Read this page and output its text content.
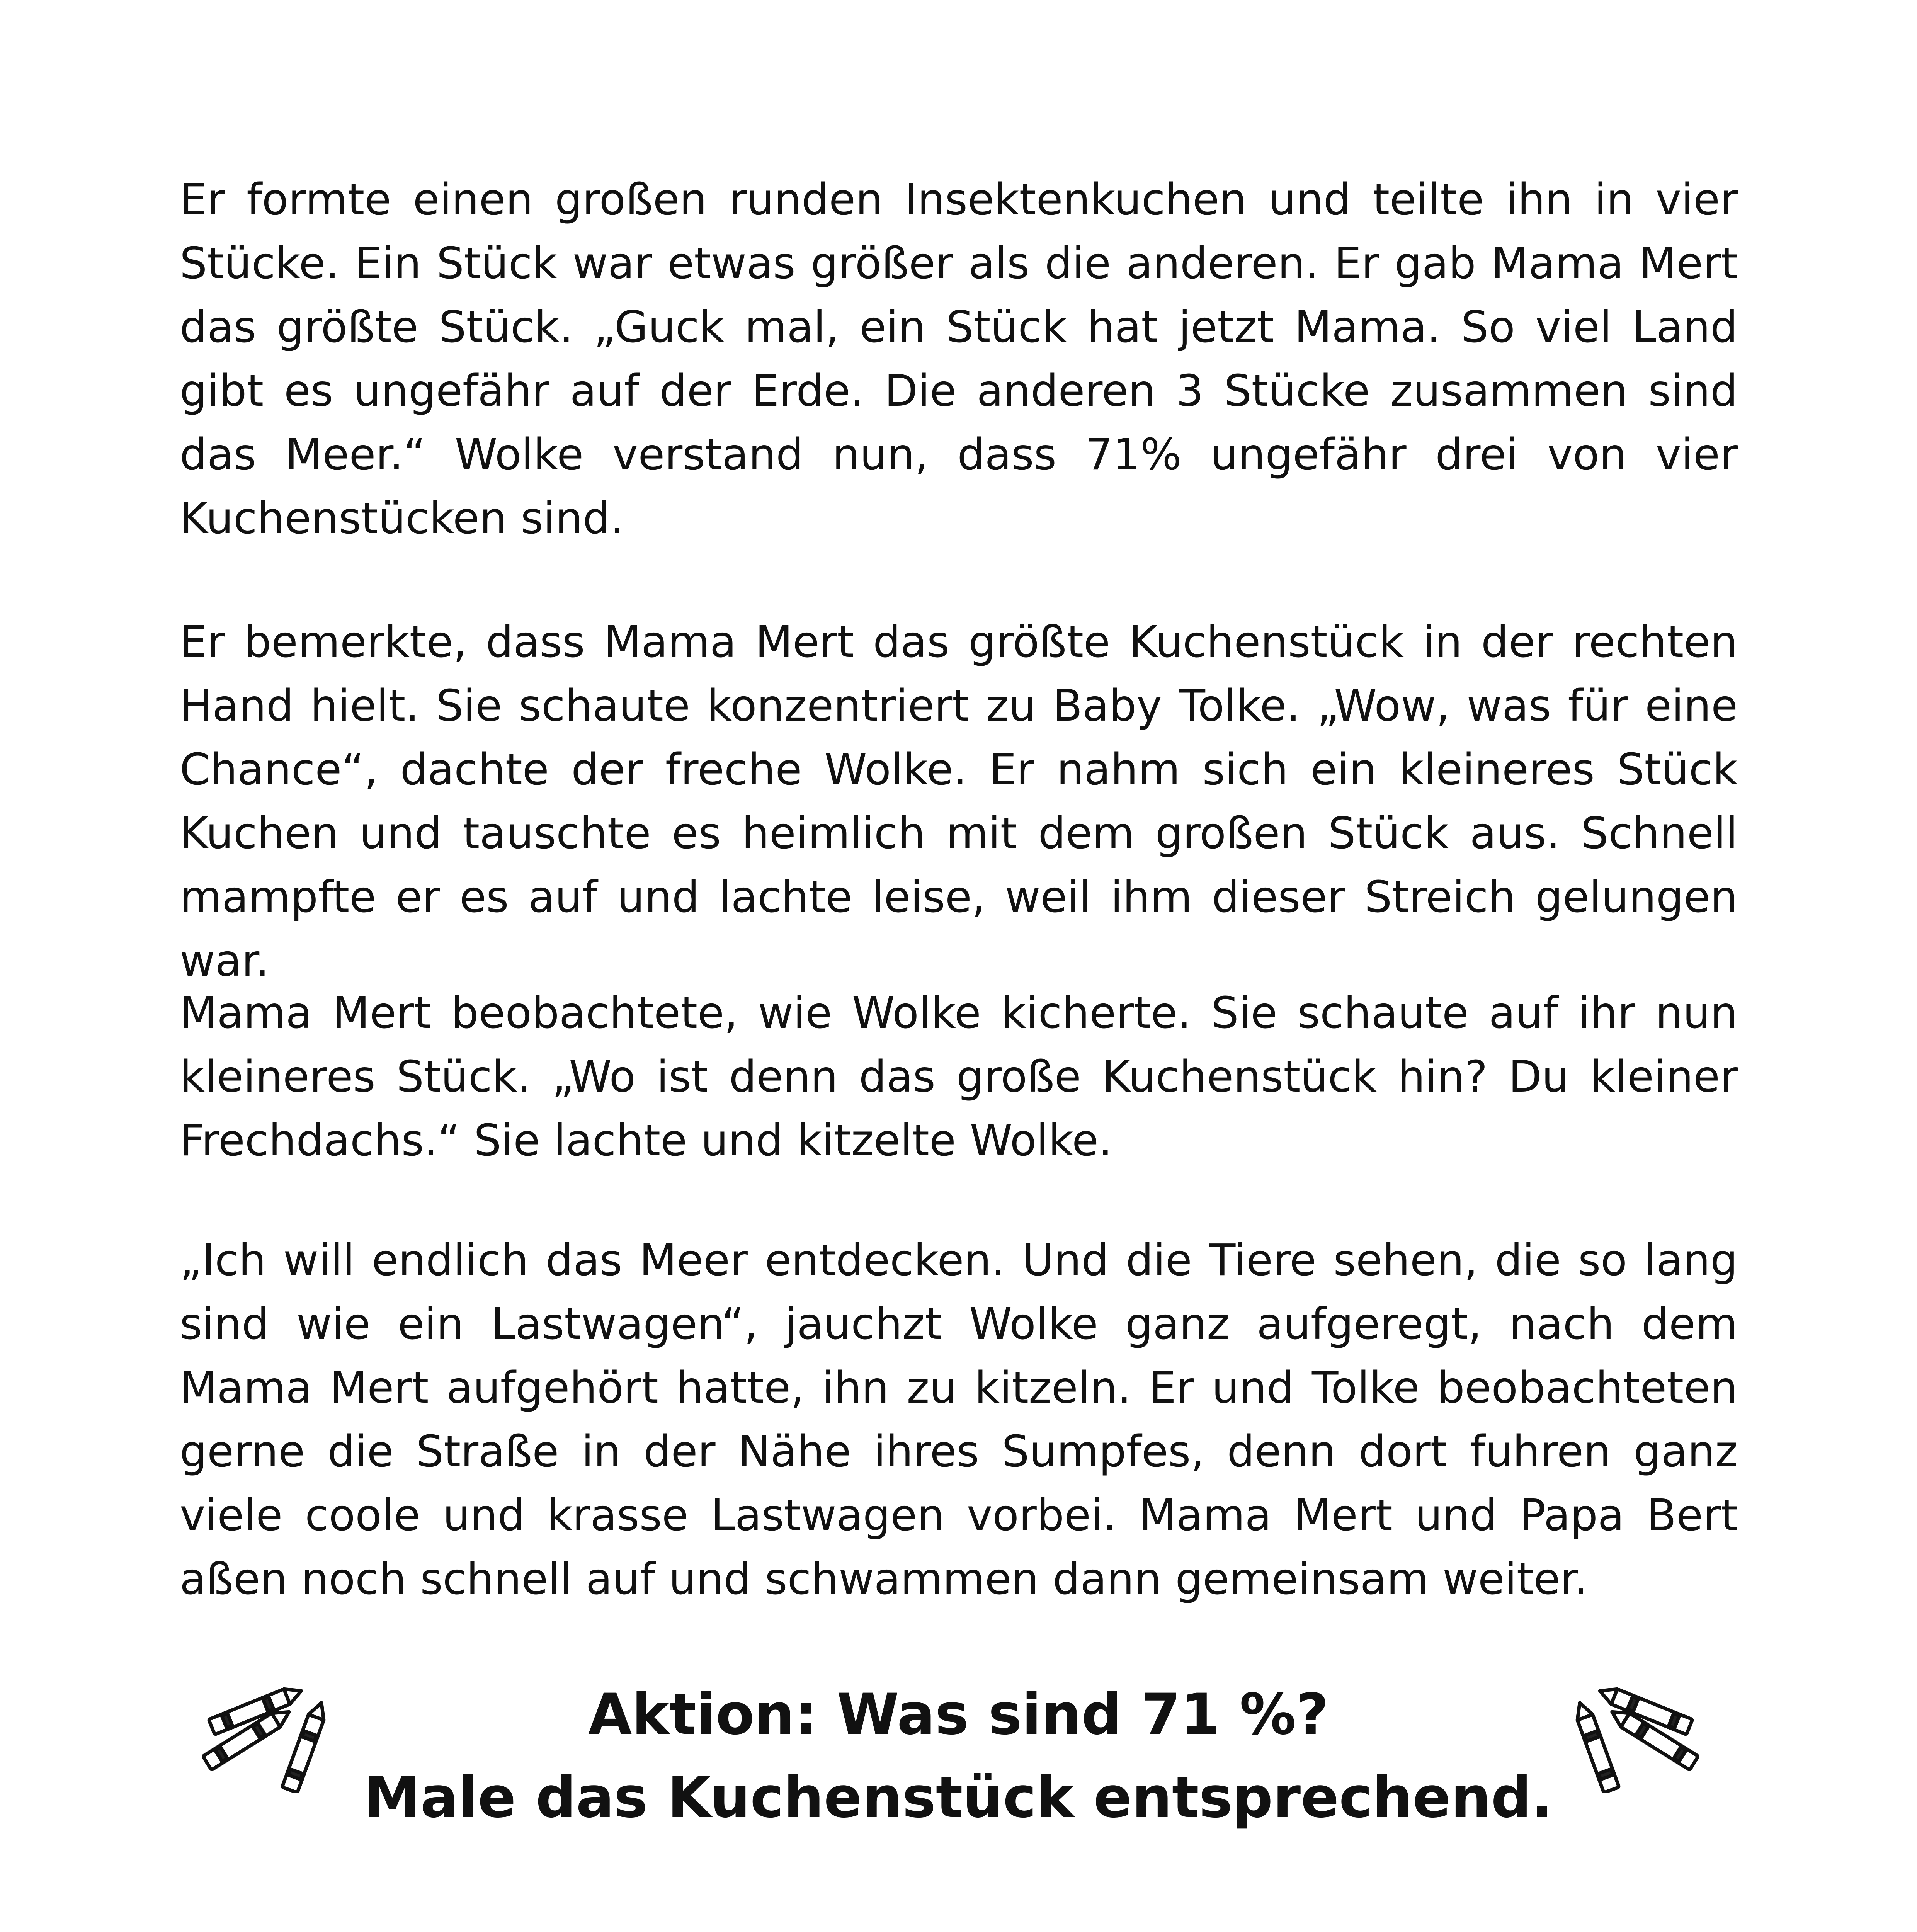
Er formte einen großen runden Insektenkuchen und teilte ihn in vier Stücke. Ein Stück war etwas größer als die anderen. Er gab Mama Mert das größte Stück. „Guck mal, ein Stück hat jetzt Mama. So viel Land gibt es ungefähr auf der Erde. Die anderen 3 Stücke zusammen sind das Meer.“ Wolke verstand nun, dass 71% ungefähr drei von vier Kuchenstücken sind.

Er bemerkte, dass Mama Mert das größte Kuchenstück in der rechten Hand hielt. Sie schaute konzentriert zu Baby Tolke. „Wow, was für eine Chance“, dachte der freche Wolke. Er nahm sich ein kleineres Stück Kuchen und tauschte es heimlich mit dem großen Stück aus. Schnell mampfte er es auf und lachte leise, weil ihm dieser Streich gelungen war.

Mama Mert beobachtete, wie Wolke kicherte. Sie schaute auf ihr nun kleineres Stück. „Wo ist denn das große Kuchenstück hin? Du kleiner Frechdachs.“ Sie lachte und kitzelte Wolke.

„Ich will endlich das Meer entdecken. Und die Tiere sehen, die so lang sind wie ein Lastwagen“, jauchzt Wolke ganz aufgeregt, nach dem Mama Mert aufgehört hatte, ihn zu kitzeln. Er und Tolke beobachteten gerne die Straße in der Nähe ihres Sumpfes, denn dort fuhren ganz viele coole und krasse Lastwagen vorbei. Mama Mert und Papa Bert aßen noch schnell auf und schwammen dann gemeinsam weiter.

Aktion: Was sind 71 %?
Male das Kuchenstück entsprechend.
